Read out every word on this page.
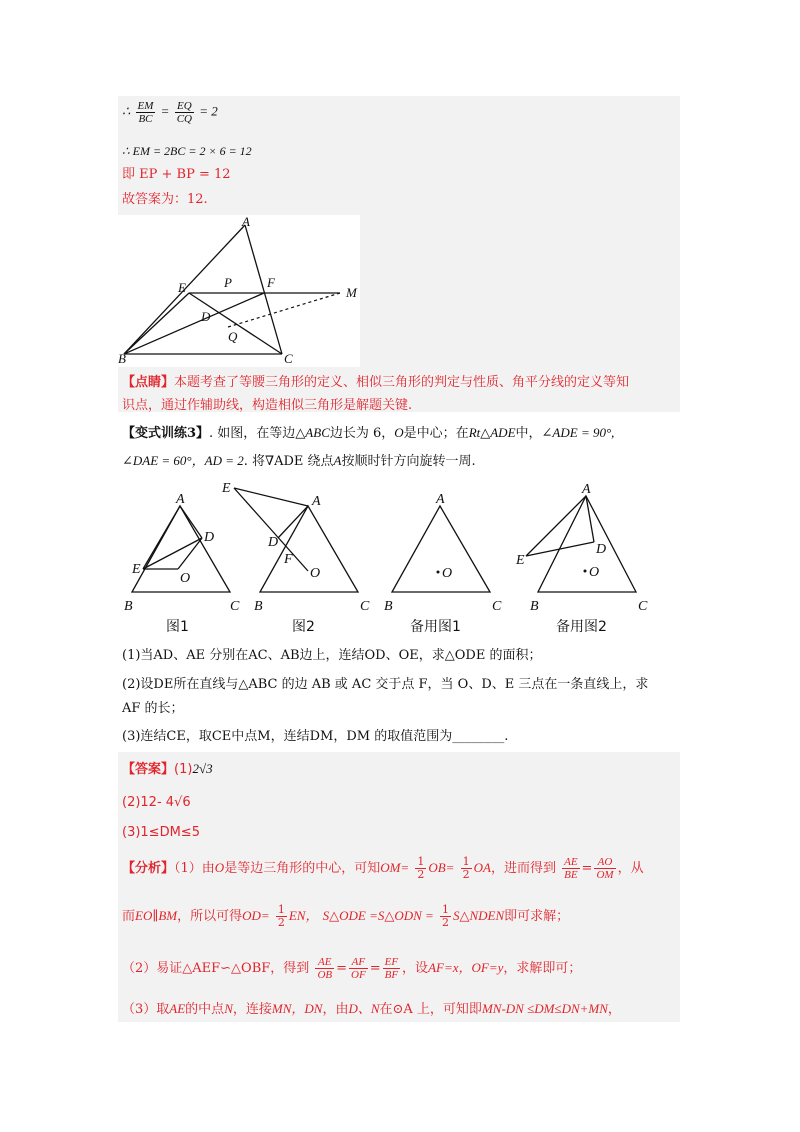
∴ $\frac{EM}{BC} = \frac{EQ}{CQ} = 2$
∴ EM = 2BC = 2 × 6 = 12
即 EP + BP = 12
故答案为：12.
A
E	P	F
M
D
Q
B	C
【点睛】本题考查了等腰三角形的定义、相似三角形的判定与性质、角平分线的定义等知
识点，通过作辅助线，构造相似三角形是解题关键.
【变式训练3】. 如图，在等边△ABC边长为 6，O是中心；在Rt△ADE中，∠ADE = 90°,
∠DAE = 60°，AD = 2. 将∇ADE 绕点A按顺时针方向旋转一周.
A
D
E
O
B	C
E
A
D
F
O
B	C
A
O
B	C
A
D
E
O
B	C
图1	图2	备用图1	备用图2
(1)当AD、AE 分别在AC、AB边上，连结OD、OE，求△ODE 的面积；
(2)设DE所在直线与△ABC 的边 AB 或 AC 交于点 F，当 O、D、E 三点在一条直线上，求
AF 的长；
(3)连结CE，取CE中点M，连结DM，DM 的取值范围为________.
【答案】(1)2√3
(2)12- 4√6
(3)1≤DM≤5
【分析】（1）由O是等边三角形的中心，可知$OM= \frac{1}{2} OB= \frac{1}{2}$ OA，进而得到 $\frac{AE}{BE} = \frac{AO}{OM}$ ，从
而EO∥BM，所以可得$OD= \frac{1}{2}$ EN， S△ODE =S△ODN = $\frac{1}{2}$ S△NDEN即可求解；
（2）易证△AEF∽△OBF，得到 $\frac{AE}{OB} = \frac{AF}{OF} = \frac{EF}{BF}$ ，设AF=x，OF=y，求解即可；
（3）取AE的中点N，连接MN，DN，由D、N在⊙A 上，可知即MN-DN ≤DM≤DN+MN，
